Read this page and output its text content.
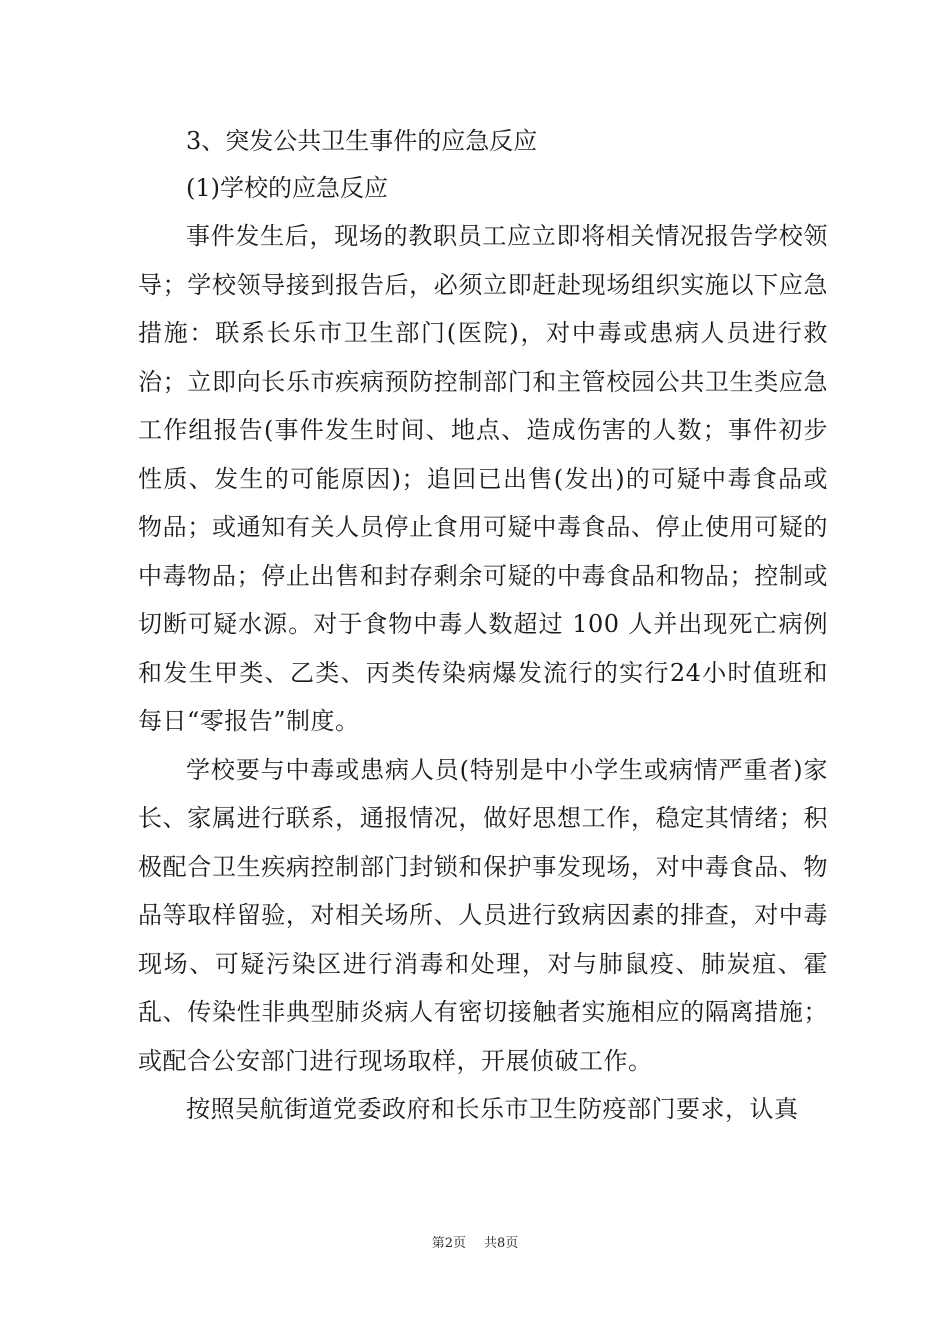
3、突发公共卫生事件的应急反应

(1)学校的应急反应

事件发生后，现场的教职员工应立即将相关情况报告学校领导；学校领导接到报告后，必须立即赶赴现场组织实施以下应急措施：联系长乐市卫生部门(医院)，对中毒或患病人员进行救治；立即向长乐市疾病预防控制部门和主管校园公共卫生类应急工作组报告(事件发生时间、地点、造成伤害的人数；事件初步性质、发生的可能原因)；追回已出售(发出)的可疑中毒食品或物品；或通知有关人员停止食用可疑中毒食品、停止使用可疑的中毒物品；停止出售和封存剩余可疑的中毒食品和物品；控制或切断可疑水源。对于食物中毒人数超过 100 人并出现死亡病例和发生甲类、乙类、丙类传染病爆发流行的实行24小时值班和每日“零报告”制度。

学校要与中毒或患病人员(特别是中小学生或病情严重者)家长、家属进行联系，通报情况，做好思想工作，稳定其情绪；积极配合卫生疾病控制部门封锁和保护事发现场，对中毒食品、物品等取样留验，对相关场所、人员进行致病因素的排查，对中毒现场、可疑污染区进行消毒和处理，对与肺鼠疫、肺炭疽、霍乱、传染性非典型肺炎病人有密切接触者实施相应的隔离措施；或配合公安部门进行现场取样，开展侦破工作。

按照吴航街道党委政府和长乐市卫生防疫部门要求，认真

第2页 共8页
